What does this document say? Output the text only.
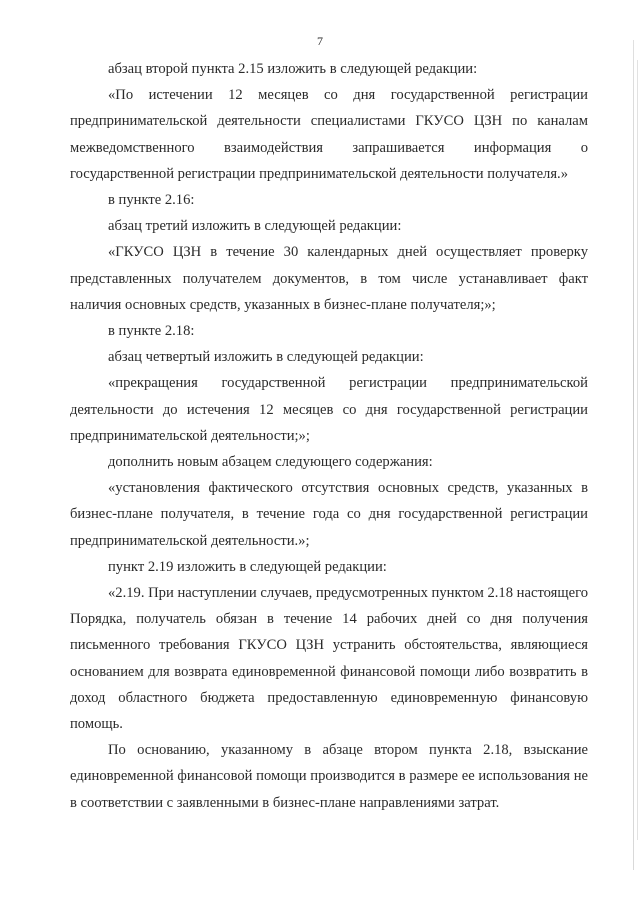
7

абзац второй пункта 2.15 изложить в следующей редакции:

«По истечении 12 месяцев со дня государственной регистрации предпринимательской деятельности специалистами ГКУСО ЦЗН по каналам межведомственного взаимодействия запрашивается информация о государственной регистрации предпринимательской деятельности получателя.»

в пункте 2.16:

абзац третий изложить в следующей редакции:

«ГКУСО ЦЗН в течение 30 календарных дней осуществляет проверку представленных получателем документов, в том числе устанавливает факт наличия основных средств, указанных в бизнес-плане получателя;»;

в пункте 2.18:

абзац четвертый изложить в следующей редакции:

«прекращения государственной регистрации предпринимательской деятельности до истечения 12 месяцев со дня государственной регистрации предпринимательской деятельности;»;

дополнить новым абзацем следующего содержания:

«установления фактического отсутствия основных средств, указанных в бизнес-плане получателя, в течение года со дня государственной регистрации предпринимательской деятельности.»;

пункт 2.19 изложить в следующей редакции:

«2.19. При наступлении случаев, предусмотренных пунктом 2.18 настоящего Порядка, получатель обязан в течение 14 рабочих дней со дня получения письменного требования ГКУСО ЦЗН устранить обстоятельства, являющиеся основанием для возврата единовременной финансовой помощи либо возвратить в доход областного бюджета предоставленную единовременную финансовую помощь.

По основанию, указанному в абзаце втором пункта 2.18, взыскание единовременной финансовой помощи производится в размере ее использования не в соответствии с заявленными в бизнес-плане направлениями затрат.
